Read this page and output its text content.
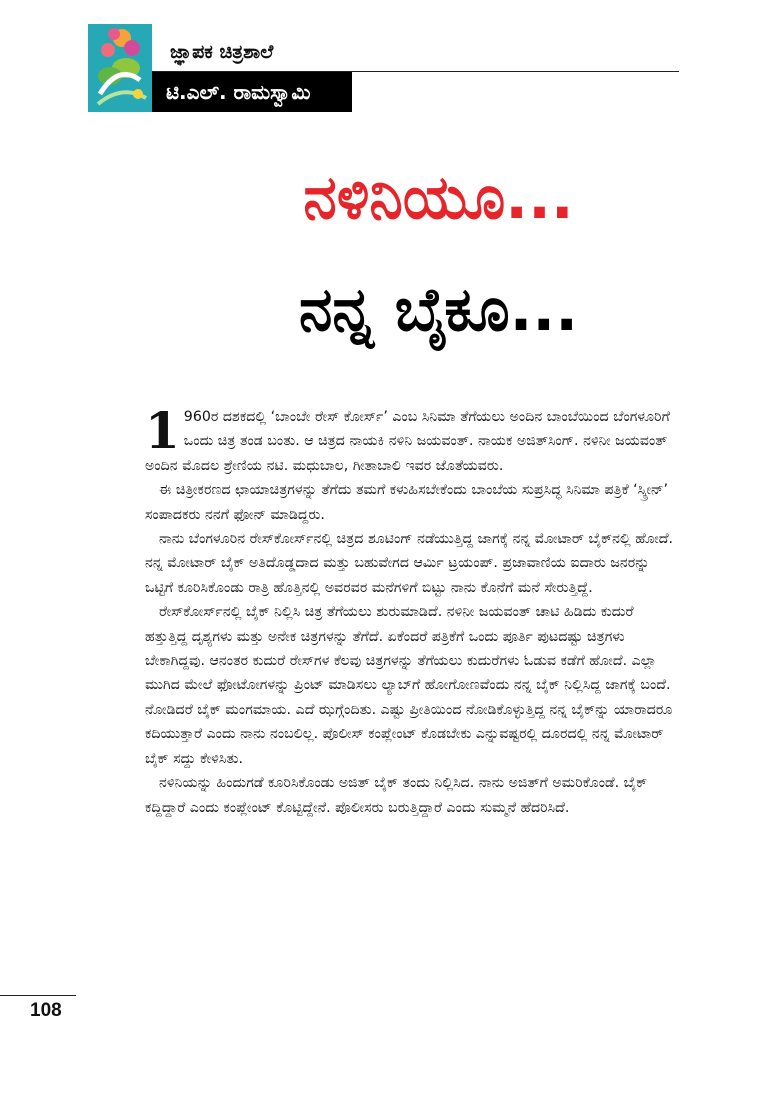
ಜ್ಞಾಪಕ ಚಿತ್ರಶಾಲೆ
ಟಿ.ಎಲ್. ರಾಮಸ್ವಾಮಿ
ನಳಿನಿಯೂ...
ನನ್ನ ಬೈಕೂ...

1 960ರ ದಶಕದಲ್ಲಿ ‘ಬಾಂಬೇ ರೇಸ್ ಕೋರ್ಸ್’ ಎಂಬ ಸಿನಿಮಾ ತೆಗೆಯಲು ಅಂದಿನ ಬಾಂಬೆಯಿಂದ ಬೆಂಗಳೂರಿಗೆ ಒಂದು ಚಿತ್ರ ತಂಡ ಬಂತು. ಆ ಚಿತ್ರದ ನಾಯಕಿ ನಳಿನಿ ಜಯವಂತ್. ನಾಯಕ ಅಜಿತ್‌ಸಿಂಗ್. ನಳಿನೀ ಜಯವಂತ್ ಅಂದಿನ ಮೊದಲ ಶ್ರೇಣಿಯ ನಟಿ. ಮಧುಬಾಲ, ಗೀತಾಬಾಲಿ ಇವರ ಜೊತೆಯವರು.

ಈ ಚಿತ್ರೀಕರಣದ ಛಾಯಾಚಿತ್ರಗಳನ್ನು ತೆಗೆದು ತಮಗೆ ಕಳುಹಿಸಬೇಕೆಂದು ಬಾಂಬೆಯ ಸುಪ್ರಸಿದ್ಧ ಸಿನಿಮಾ ಪತ್ರಿಕೆ ‘ಸ್ಕ್ರೀನ್’ ಸಂಪಾದಕರು ನನಗೆ ಫೋನ್ ಮಾಡಿದ್ದರು.

ನಾನು ಬೆಂಗಳೂರಿನ ರೇಸ್‌ಕೋರ್ಸ್‌ನಲ್ಲಿ ಚಿತ್ರದ ಶೂಟಿಂಗ್ ನಡೆಯುತ್ತಿದ್ದ ಜಾಗಕ್ಕೆ ನನ್ನ ಮೋಟಾರ್ ಬೈಕ್‌ನಲ್ಲಿ ಹೋದೆ. ನನ್ನ ಮೋಟಾರ್ ಬೈಕ್ ಅತಿದೊಡ್ಡದಾದ ಮತ್ತು ಬಹುವೇಗದ ಆರ್ಮಿ ಟ್ರಯಂಪ್. ಪ್ರಜಾವಾಣಿಯ ಐದಾರು ಜನರನ್ನು ಒಟ್ಟಿಗೆ ಕೂರಿಸಿಕೊಂಡು ರಾತ್ರಿ ಹೊತ್ತಿನಲ್ಲಿ ಅವರವರ ಮನೆಗಳಿಗೆ ಬಿಟ್ಟು ನಾನು ಕೊನೆಗೆ ಮನೆ ಸೇರುತ್ತಿದ್ದೆ.

ರೇಸ್‌ಕೋರ್ಸ್‌ನಲ್ಲಿ ಬೈಕ್ ನಿಲ್ಲಿಸಿ ಚಿತ್ರ ತೆಗೆಯಲು ಶುರುಮಾಡಿದೆ. ನಳಿನೀ ಜಯವಂತ್ ಚಾಟಿ ಹಿಡಿದು ಕುದುರೆ ಹತ್ತುತ್ತಿದ್ದ ದೃಶ್ಯಗಳು ಮತ್ತು ಅನೇಕ ಚಿತ್ರಗಳನ್ನು ತೆಗೆದೆ. ಏಕೆಂದರೆ ಪತ್ರಿಕೆಗೆ ಒಂದು ಪೂರ್ತಿ ಪುಟದಷ್ಟು ಚಿತ್ರಗಳು ಬೇಕಾಗಿದ್ದವು. ಆನಂತರ ಕುದುರೆ ರೇಸ್‌ಗಳ ಕೆಲವು ಚಿತ್ರಗಳನ್ನು ತೆಗೆಯಲು ಕುದುರೆಗಳು ಓಡುವ ಕಡೆಗೆ ಹೋದೆ. ಎಲ್ಲಾ ಮುಗಿದ ಮೇಲೆ ಫೋಟೋಗಳನ್ನು ಪ್ರಿಂಟ್ ಮಾಡಿಸಲು ಲ್ಯಾಬ್‌ಗೆ ಹೋಗೋಣವೆಂದು ನನ್ನ ಬೈಕ್ ನಿಲ್ಲಿಸಿದ್ದ ಜಾಗಕ್ಕೆ ಬಂದೆ. ನೋಡಿದರೆ ಬೈಕ್ ಮಂಗಮಾಯ. ಎದೆ ಝಗ್ಗೆಂದಿತು. ಎಷ್ಟು ಪ್ರೀತಿಯಿಂದ ನೋಡಿಕೊಳ್ಳುತ್ತಿದ್ದ ನನ್ನ ಬೈಕ್‌ನ್ನು ಯಾರಾದರೂ ಕದಿಯುತ್ತಾರೆ ಎಂದು ನಾನು ನಂಬಲಿಲ್ಲ. ಪೊಲೀಸ್ ಕಂಪ್ಲೇಂಟ್ ಕೊಡಬೇಕು ಎನ್ನುವಷ್ಟರಲ್ಲಿ ದೂರದಲ್ಲಿ ನನ್ನ ಮೋಟಾರ್ ಬೈಕ್ ಸದ್ದು ಕೇಳಿಸಿತು.

ನಳಿನಿಯನ್ನು ಹಿಂದುಗಡೆ ಕೂರಿಸಿಕೊಂಡು ಅಜಿತ್ ಬೈಕ್ ತಂದು ನಿಲ್ಲಿಸಿದ. ನಾನು ಅಜಿತ್‌ಗೆ ಅಮರಿಕೊಂಡೆ. ಬೈಕ್ ಕದ್ದಿದ್ದಾರೆ ಎಂದು ಕಂಪ್ಲೇಂಟ್ ಕೊಟ್ಟಿದ್ದೇನೆ. ಪೊಲೀಸರು ಬರುತ್ತಿದ್ದಾರೆ ಎಂದು ಸುಮ್ಮನೆ ಹೆದರಿಸಿದೆ.

108
